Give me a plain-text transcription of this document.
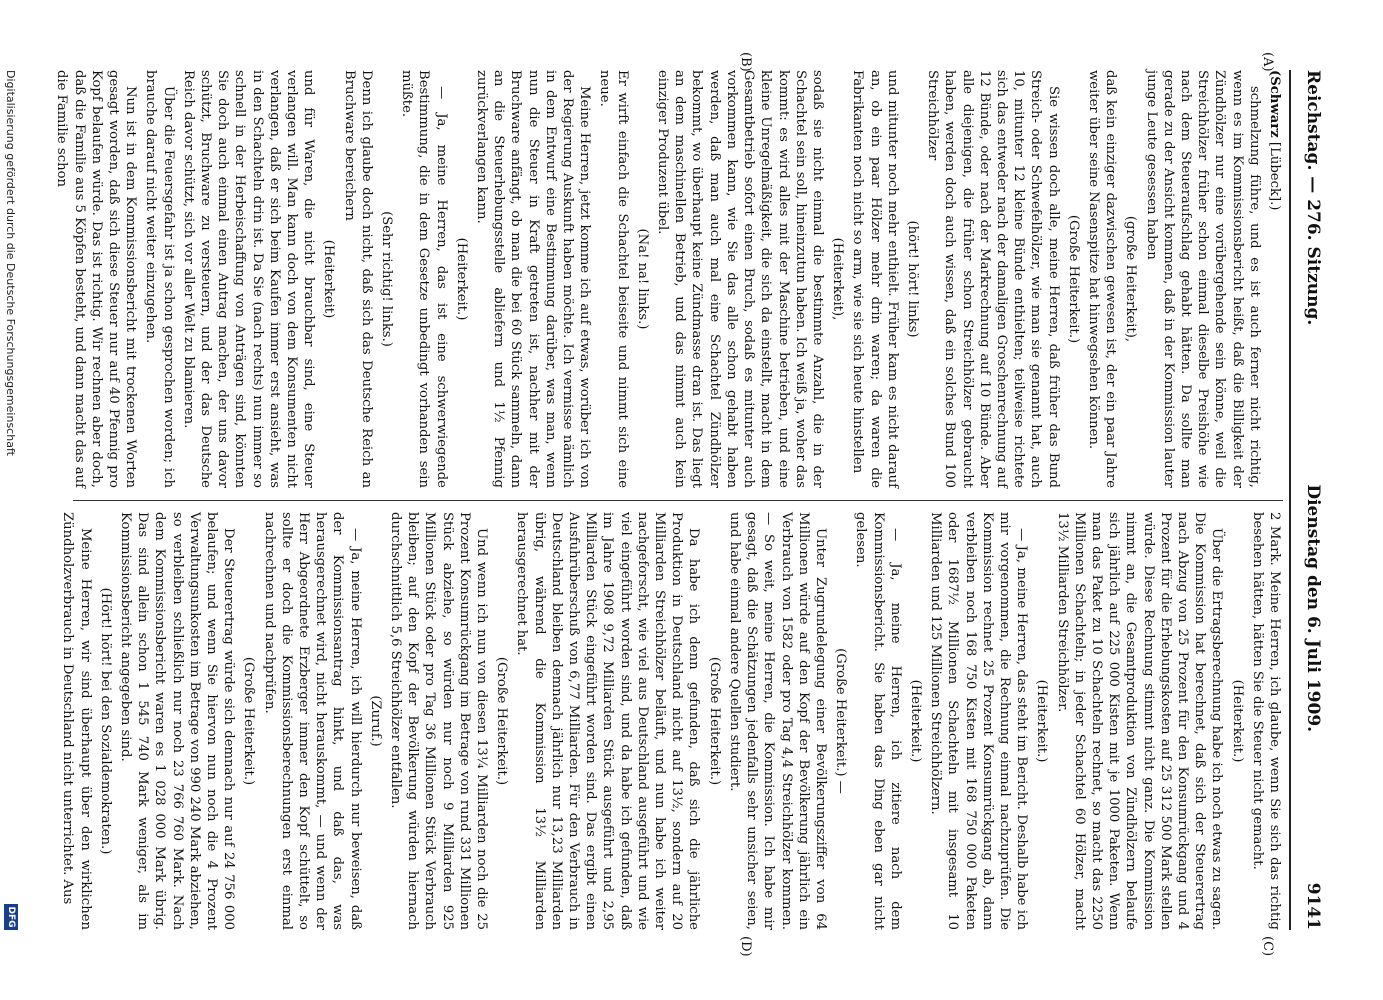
Reichstag. — 276. Sitzung.
Dienstag den 6. Juli 1909.
9141
(A)
(B)
(C)
(D)
(Schwarz [Lübeck].)
schmelzung führe, und es ist auch ferner nicht richtig, wenn es im Kommissionsbericht heißt, daß die Billigkeit der Zündhölzer nur eine vorübergehende sein könne, weil die Streichhölzer früher schon einmal dieselbe Preishöhe wie nach dem Steueraufschlag gehabt hätten. Da sollte man gerade zu der Ansicht kommen, daß in der Kommission lauter junge Leute gesessen haben
(große Heiterkeit),
daß kein einziger dazwischen gewesen ist, der ein paar Jahre weiter über seine Nasenspitze hat hinwegsehen können.
(Große Heiterkeit.)
Sie wissen doch alle, meine Herren, daß früher das Bund Streich- oder Schwefelhölzer, wie man sie genannt hat, auch 10, mitunter 12 kleine Bünde enthielten; teilweise richtete sich das entweder nach der damaligen Groschenrechnung auf 12 Bünde, oder nach der Markrechnung auf 10 Bünde. Aber alle diejenigen, die früher schon Streichhölzer gebraucht haben, werden doch auch wissen, daß ein solches Bund 100 Streichhölzer
(hört! hört! links)
und mitunter noch mehr enthielt. Früher kam es nicht darauf an, ob ein paar Hölzer mehr drin waren; da waren die Fabrikanten noch nicht so arm, wie sie sich heute hinstellen
(Heiterkeit),
sodaß sie nicht einmal die bestimmte Anzahl, die in der Schachtel sein soll, hineinzutun haben. Ich weiß ja, woher das kommt: es wird alles mit der Maschine betrieben, und eine kleine Unregelmäßigkeit, die sich da einstellt, macht in dem Gesamtbetrieb sofort einen Bruch, sodaß es mitunter auch vorkommen kann, wie Sie das alle schon gehabt haben werden, daß man auch mal eine Schachtel Zündhölzer bekommt, wo überhaupt keine Zündmasse dran ist. Das liegt an dem maschinellen Betrieb, und das nimmt auch kein einziger Produzent übel.
(Na! na! links.)
Er wirft einfach die Schachtel beiseite und nimmt sich eine neue.
Meine Herren, jetzt komme ich auf etwas, worüber ich von der Regierung Auskunft haben möchte. Ich vermisse nämlich in dem Entwurf eine Bestimmung darüber, was man, wenn nun die Steuer in Kraft getreten ist, nachher mit der Bruchware anfängt, ob man die bei 60 Stück sammeln, dann an die Steuerhebungsstelle abliefern und 1½ Pfennig zurückverlangen kann.
(Heiterkeit.)
— Ja, meine Herren, das ist eine schwerwiegende Bestimmung, die in dem Gesetze unbedingt vorhanden sein müßte.
(Sehr richtig! links.)
Denn ich glaube doch nicht, daß sich das Deutsche Reich an Bruchware bereichern
(Heiterkeit)
und für Waren, die nicht brauchbar sind, eine Steuer verlangen will. Man kann doch von dem Konsumenten nicht verlangen, daß er sich beim Kaufen immer erst ansieht, was in den Schachteln drin ist. Da Sie (nach rechts) nun immer so schnell in der Herbeischaffung von Anträgen sind, könnten Sie doch auch einmal einen Antrag machen, der uns davor schützt, Bruchware zu versteuern, und der das Deutsche Reich davor schützt, sich vor aller Welt zu blamieren.
Über die Feuersgefahr ist ja schon gesprochen worden; ich brauche darauf nicht weiter einzugehen.
Nun ist in dem Kommissionsbericht mit trockenen Worten gesagt worden, daß sich diese Steuer nur auf 40 Pfennig pro Kopf belaufen würde. Das ist richtig. Wir rechnen aber doch, daß die Familie aus 5 Köpfen besteht, und dann macht das auf die Familie schon
2 Mark. Meine Herren, ich glaube, wenn Sie sich das richtig besehen hätten, hätten Sie die Steuer nicht gemacht.
(Heiterkeit.)
Über die Ertragsberechnung habe ich noch etwas zu sagen. Die Kommission hat berechnet, daß sich der Steuerertrag nach Abzug von 25 Prozent für den Konsumrückgang und 4 Prozent für die Erhebungskosten auf 25 312 500 Mark stellen würde. Diese Rechnung stimmt nicht ganz. Die Kommission nimmt an, die Gesamtproduktion von Zündhölzern belaufe sich jährlich auf 225 000 Kisten mit je 1000 Paketen. Wenn man das Paket zu 10 Schachteln rechnet, so macht das 2250 Millionen Schachteln; in jeder Schachtel 60 Hölzer, macht 13½ Milliarden Streichhölzer.
(Heiterkeit.)
— Ja, meine Herren, das steht im Bericht. Deshalb habe ich mir vorgenommen, die Rechnung einmal nachzuprüfen. Die Kommission rechnet 25 Prozent Konsumrückgang ab, dann verbleiben noch 168 750 Kisten mit 168 750 000 Paketen oder 1687½ Millionen Schachteln mit insgesamt 10 Milliarden und 125 Millionen Streichhölzern.
(Heiterkeit.)
— Ja, meine Herren, ich zitiere nach dem Kommissionsbericht. Sie haben das Ding eben gar nicht gelesen.
(Große Heiterkeit.) —
Unter Zugrundelegung einer Bevölkerungsziffer von 64 Millionen würde auf den Kopf der Bevölkerung jährlich ein Verbrauch von 1582 oder pro Tag 4,4 Streichhölzer kommen. — So weit, meine Herren, die Kommission. Ich habe mir gesagt, daß die Schätzungen jedenfalls sehr unsicher seien, und habe einmal andere Quellen studiert.
(Große Heiterkeit.)
Da habe ich denn gefunden, daß sich die jährliche Produktion in Deutschland nicht auf 13½, sondern auf 20 Milliarden Streichhölzer beläuft, und nun habe ich weiter nachgeforscht, wie viel aus Deutschland ausgeführt und wie viel eingeführt worden sind, und da habe ich gefunden, daß im Jahre 1908 9,72 Milliarden Stück ausgeführt und 2,95 Milliarden Stück eingeführt worden sind. Das ergibt einen Ausfuhrüberschuß von 6,77 Milliarden. Für den Verbrauch in Deutschland bleiben demnach jährlich nur 13,23 Milliarden übrig, während die Kommission 13½ Milliarden herausgerechnet hat.
(Große Heiterkeit.)
Und wenn ich nun von diesen 13¼ Milliarden noch die 25 Prozent Konsumrückgang im Betrage von rund 331 Millionen Stück abziehe, so würden nur noch 9 Milliarden 925 Millionen Stück oder pro Tag 36 Millionen Stück Verbrauch bleiben; auf den Kopf der Bevölkerung würden hiernach durchschnittlich 5,6 Streichhölzer entfallen.
(Zuruf.)
— Ja, meine Herren, ich will hierdurch nur beweisen, daß der Kommissionsantrag hinkt, und daß das, was herausgerechnet wird, nicht herauskommt, — und wenn der Herr Abgeordnete Erzberger immer den Kopf schüttelt, so sollte er doch die Kommissionsberechnungen erst einmal nachrechnen und nachprüfen.
(Große Heiterkeit.)
Der Steuerertrag würde sich demnach nur auf 24 756 000 belaufen; und wenn Sie hiervon nun noch die 4 Prozent Verwaltungsunkosten im Betrage von 990 240 Mark abziehen, so verbleiben schließlich nur noch 23 766 760 Mark. Nach dem Kommissionsbericht waren es 1 028 000 Mark übrig. Das sind allein schon 1 545 740 Mark weniger, als im Kommissionsbericht angegeben sind.
(Hört! hört! bei den Sozialdemokraten.)
Meine Herren, wir sind überhaupt über den wirklichen Zündholzverbrauch in Deutschland nicht unterrichtet. Aus
Digitalisierung gefördert durch die Deutsche Forschungsgemeinschaft
DFG
